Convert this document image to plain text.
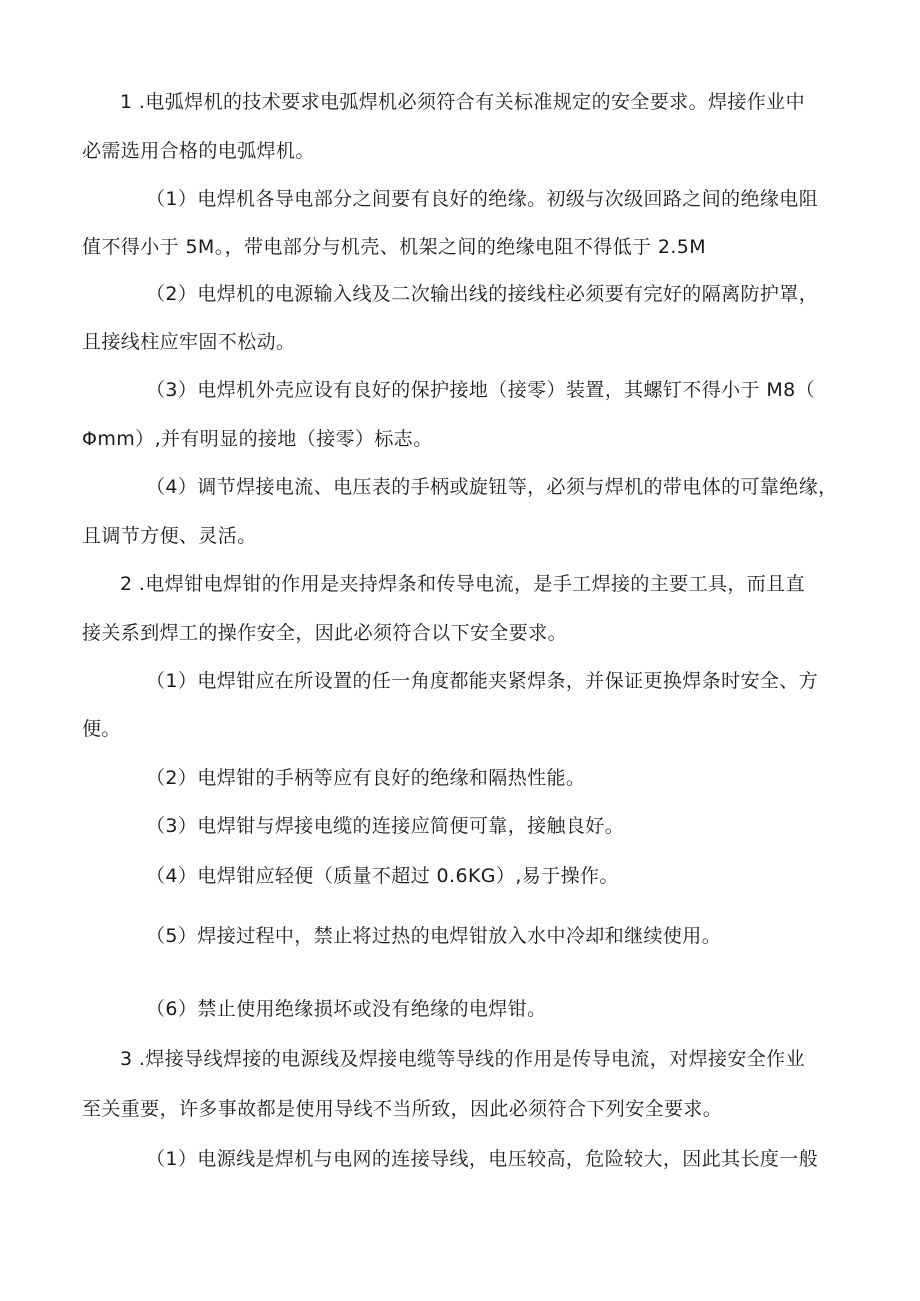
1 .电弧焊机的技术要求电弧焊机必须符合有关标准规定的安全要求。焊接作业中
必需选用合格的电弧焊机。
（1）电焊机各导电部分之间要有良好的绝缘。初级与次级回路之间的绝缘电阻
值不得小于 5M。，带电部分与机壳、机架之间的绝缘电阻不得低于 2.5M
（2）电焊机的电源输入线及二次输出线的接线柱必须要有完好的隔离防护罩，
且接线柱应牢固不松动。
（3）电焊机外壳应设有良好的保护接地（接零）装置，其螺钉不得小于 M8（
Φmm）,并有明显的接地（接零）标志。
（4）调节焊接电流、电压表的手柄或旋钮等，必须与焊机的带电体的可靠绝缘，
且调节方便、灵活。
2 .电焊钳电焊钳的作用是夹持焊条和传导电流，是手工焊接的主要工具，而且直
接关系到焊工的操作安全，因此必须符合以下安全要求。
（1）电焊钳应在所设置的任一角度都能夹紧焊条，并保证更换焊条时安全、方
便。
（2）电焊钳的手柄等应有良好的绝缘和隔热性能。
（3）电焊钳与焊接电缆的连接应简便可靠，接触良好。
（4）电焊钳应轻便（质量不超过 0.6KG）,易于操作。
（5）焊接过程中，禁止将过热的电焊钳放入水中冷却和继续使用。
（6）禁止使用绝缘损坏或没有绝缘的电焊钳。
3 .焊接导线焊接的电源线及焊接电缆等导线的作用是传导电流，对焊接安全作业
至关重要，许多事故都是使用导线不当所致，因此必须符合下列安全要求。
（1）电源线是焊机与电网的连接导线，电压较高，危险较大，因此其长度一般
